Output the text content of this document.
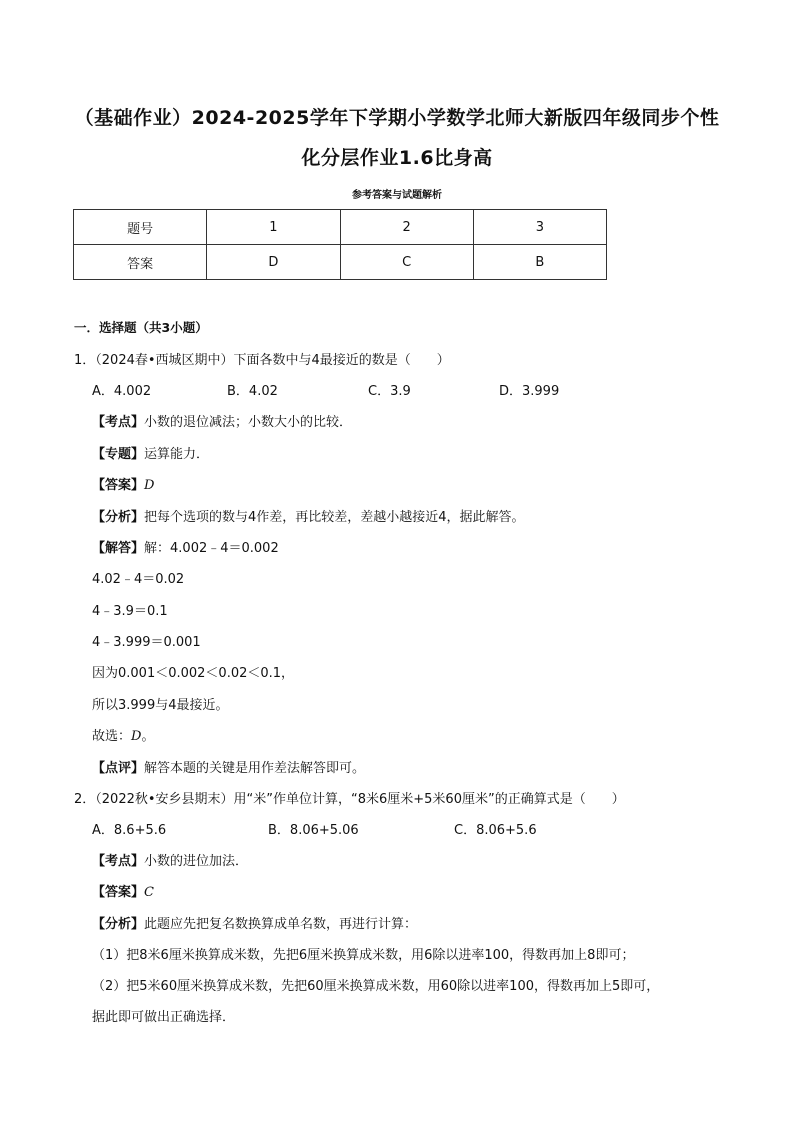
（基础作业）2024-2025学年下学期小学数学北师大新版四年级同步个性
化分层作业1.6比身高
参考答案与试题解析
题号	1	2	3
答案	D	C	B
一．选择题（共3小题）
1．（2024春•西城区期中）下面各数中与4最接近的数是（　　）
A．4.002	B．4.02	C．3.9	D．3.999
【考点】小数的退位减法；小数大小的比较．
【专题】运算能力．
【答案】D
【分析】把每个选项的数与4作差，再比较差，差越小越接近4，据此解答。
【解答】解：4.002﹣4＝0.002
4.02﹣4＝0.02
4﹣3.9＝0.1
4﹣3.999＝0.001
因为0.001＜0.002＜0.02＜0.1，
所以3.999与4最接近。
故选：D。
【点评】解答本题的关键是用作差法解答即可。
2．（2022秋•安乡县期末）用“米”作单位计算，“8米6厘米+5米60厘米”的正确算式是（　　）
A．8.6+5.6	B．8.06+5.06	C．8.06+5.6
【考点】小数的进位加法．
【答案】C
【分析】此题应先把复名数换算成单名数，再进行计算：
（1）把8米6厘米换算成米数，先把6厘米换算成米数，用6除以进率100，得数再加上8即可；
（2）把5米60厘米换算成米数，先把60厘米换算成米数，用60除以进率100，得数再加上5即可，
据此即可做出正确选择．
